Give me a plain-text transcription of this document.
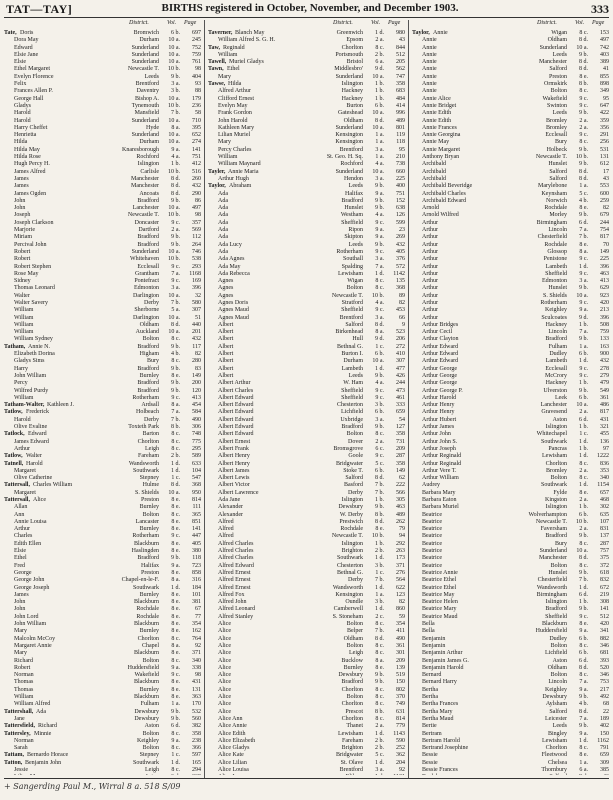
TAT—TAY]	BIRTHS registered in October, November, and December 1903.	333
District.	Vol. Page
Tate, Doris	Bromwich	6 b.	697
Dora May	Durham	10 a.	245
Edward	Sunderland	10 a.	752
Elsie Jane	Sunderland	10 a.	759
Elsie	Sunderland	10 a.	761
Ethel Margaret	Newcastle T.	10 b.	98
Evelyn Florence	Leeds	9 b.	404
Felix	Brentford	3 a.	93
Frances Allen P.	Daventry	3 b.	88
George Hall	Bishop A.	10 a.	179
Gladys	Tynemouth	10 b.	236
Harold	Mansfield	7 b.	58
Harold	Sunderland	10 a.	710
Harry Cheffet	Hyde	8 a.	395
Henrietta	Sunderland	10 a.	652
Hilda	Durham	10 a.	274
Hilda May	Knaresborough	9 a.	141
Hilda Rose	Rochford	4 a.	751
Hugh Percy H.	Islington	1 b.	412
James Alfred	Carlisle	10 b.	516
James	Manchester	8 d.	260
James	Manchester	8 d.	432
James Ogden	Ancoats	8 d.	290
John	Bradford	9 b.	86
John	Lanchester	10 a.	497
Joseph	Newcastle T.	10 b.	98
Joseph Clarkson	Doncaster	9 c.	357
Marjorie	Dartford	2 a.	569
Miriam	Bradford	9 b.	112
Percival John	Bradford	9 b.	264
Robert	Sunderland	10 a.	746
Robert	Whitehaven	10 b.	538
Robert Stephen	Ecclesall	9 c.	293
Rose May	Grantham	7 a.	1168
Sidney	Pontefract	9 c.	169
Thomas Leonard	Edmonton	3 a.	396
Walter	Darlington	10 a.	32
Walter Savery	Derby	7 b.	580
William	Sherborne	5 a.	307
William	Darlington	10 a.	51
William	Oldham	8 d.	440
William	Auckland	10 a.	201
William Sydney	Bolton	8 c.	432
Tatham, Annie N.	Bradford	9 b.	117
Elizabeth Dorina	Higham	4 b.	82
Gladys Sims	Bury	8 c.	280
Harry	Bradford	9 b.	83
John William	Burnley	8 e.	149
Percy	Bradford	9 b.	200
Wilfred Purdy	Bradford	9 b.	120
William	Rotherham	9 c.	413
Tatham-Walter, Kathleen J.	Ardsall	8 a.	454
Tatlow, Frederick	Holbeach	7 a.	584
Harold	Derby	7 b.	490
Olive Evaline	Toxteth Park	8 b.	306
Tatlock, Edward	Barton	8 c.	748
James Edward	Chorlton	8 c.	775
Arthur	Leigh	8 c.	295
Tatlow, Walter	Fareham	2 b.	589
Tatnell, Harold	Wandsworth	1 d.	633
Margaret	Southwark	1 d.	104
Olive Catherine	Stepney	1 c.	547
Tattersall, Charles William	Hulme	8 d.	368
Margaret	S. Shields	10 a.	950
Tattersall, Alice	Preston	8 e.	814
Allan	Burnley	8 e.	111
Ann	Bolton	8 c.	365
Annie Louisa	Lancaster	8 e.	851
Arthur	Burnley	8 e.	141
Charles	Rotherham	9 c.	447
Edith Ellen	Blackburn	8 e.	405
Elsie	Haslingden	8 e.	380
Ethel	Bradford	9 b.	118
Fred	Halifax	9 a.	723
George	Preston	8 e.	858
George John	Chapel-en-le-F.	8 a.	316
George Joseph	Southwark	1 d.	184
James	Burnley	8 e.	101
John	Blackburn	8 e.	381
John	Rochdale	8 e.	67
John Lord	Rochdale	8 e.	77
John William	Blackburn	8 e.	354
Mary	Burnley	8 e.	162
Malcolm McCoy	Chorlton	8 c.	764
Margaret Annie	Chapel	8 a.	92
Mary	Blackburn	8 e.	371
Richard	Bolton	8 c.	340
Robert	Huddersfield	9 a.	338
Norman	Wakefield	9 c.	98
Thomas	Blackburn	8 e.	431
Thomas	Burnley	8 e.	131
William	Blackburn	8 e.	363
William Alfred	Fulham	1 a.	170
Tattershall, Ada	Dewsbury	9 b.	532
Jane	Dewsbury	9 b.	560
Tattersfield, Richard	Aston	6 d.	382
Tattersley, Minnie	Bolton	8 c.	358
Norman	Keighley	9 a.	238
Sarah	Bolton	8 c.	366
Tattam, Bernardo Horace	Stepney	1 c.	597
Tatton, Benjamin John	Southwark	1 d.	165
Jessie	Leigh	8 c.	294
District.	Vol. Page
Taverner, Blanch May	Greenwich	1 d.	980
William Alfred S. G. H.	Epsom	2 a.	43
Taw, Reginald	Chorlton	8 c.	844
William	Portsmouth	2 b.	512
Tawell, Muriel Gladys	Bristol	6 a.	205
Tawn, Ethel	Middlesbro'	9 d.	562
Mary	Sunderland	10 a.	747
Tawse, Hilda	Islington	1 b.	358
Alfred Arthur	Hackney	1 b.	683
Clifford Ernest	Hackney	1 b.	484
Evelyn May	Burton	6 b.	414
Frank Gordon	Gateshead	10 a.	996
John Harold	Oldham	8 d.	489
Kathleen Mary	Sunderland	10 a.	801
Lilian Muriel	Kensington	1 a.	119
Mary	Kensington	1 a.	118
Percy Charles	Brentford	3 a.	95
William	St. Geo. H. Sq.	1 a.	210
William Maynard	Rochford	4 a.	738
Tayler, Annie Maria	Sunderland	10 a.	660
Arthur Hugh	Hendon	3 a.	225
Taylor, Abraham	Leeds	9 b.	400
Ada	Halifax	9 a.	751
Ada	Bradford	9 b.	152
Ada	Hunslet	9 b.	638
Ada	Westham	4 a.	126
Ada	Sheffield	9 c.	599
Ada	Ripon	9 a.	23
Ada	Skipton	9 a.	269
Ada Lucy	Leeds	9 b.	432
Ada	Rotherham	9 c.	405
Ada Agnes	Southall	3 a.	376
Ada May	Spalding	7 a.	572
Ada Rebecca	Lewisham	1 d.	1142
Agnes	Wigan	8 c.	135
Agnes	Bolton	8 c.	368
Agnes	Newcastle T.	10 b.	89
Agnes Doris	Stratford	4 a.	82
Agnes Maud	Sheffield	9 c.	453
Agnes Maud	Brentford	3 a.	66
Albert	Salford	8 d.	9
Albert	Birkenhead	8 a.	523
Albert	Hull	9 d.	206
Albert	Bethnal G.	1 c.	272
Albert	Burton I.	6 b.	410
Albert	Durham	10 a.	307
Albert	Lambeth	1 d.	477
Albert	Leeds	9 b.	426
Albert Arthur	W. Ham	4 a.	244
Albert Charles	Sheffield	9 c.	473
Albert Edward	Sheffield	9 c.	461
Albert Edward	Chesterton	3 b.	333
Albert Edward	Lichfield	6 b.	659
Albert Edward	Uxbridge	3 a.	54
Albert Edward	Bradford	9 b.	127
Albert Edward	Bolton	8 c.	358
Albert Ernest	Dover	2 a.	731
Albert Frank	Bromsgrove	6 c.	209
Albert Henry	Goole	9 c.	287
Albert Henry	Bridgwater	5 c.	358
Albert James	Stoke T.	6 b.	149
Albert Lewis	Salford	8 d.	62
Albert Victor	Basford	7 b.	222
Albert Lawrence	Derby	7 b.	566
Ada Jane	Islington	1 b.	305
Alexander	Dewsbury	9 b.	463
Alexander	W. Derby	8 b.	489
Alfred	Prestwich	8 d.	262
Alfred	Rochdale	8 e.	79
Alfred	Newcastle T.	10 b.	94
Alfred Charles	Islington	1 b.	292
Alfred Charles	Brighton	2 b.	263
Alfred Charles	Southwark	1 d.	173
Alfred Edward	Chesterton	3 b.	371
Alfred Ernest	Bethnal G.	1 c.	276
Alfred Ernest	Derby	7 b.	564
Alfred Ernest	Wandsworth	1 d.	622
Alfred Fox	Kensington	1 a.	123
Alfred John	Oundle	3 b.	82
Alfred Leonard	Camberwell	1 d.	860
Alfred Stanley	S. Stoneham	2 c.	59
Alice	Bolton	8 c.	354
Alice	Belper	7 b.	411
Alice	Oldham	8 d.	490
Alice	Bolton	8 c.	361
Alice	Leigh	8 c.	301
Alice	Bucklow	8 a.	209
Alice	Burnley	8 e.	139
Alice	Dewsbury	9 b.	519
Alice	Bradford	9 b.	150
Alice	Chorlton	8 c.	802
Alice	Bolton	8 c.	370
Alice	Chorlton	8 c.	749
Alice	Prescot	8 b.	631
Alice Ann	Chorlton	8 c.	814
Alice Annie	Thanet	2 a.	779
Alice Edith	Lewisham	1 d.	1143
Alice Elizabeth	Fareham	2 b.	590
Alice Gladys	Brighton	2 b.	252
Alice Kate	Bridgwater	5 c.	362
Alice Lilian	St. Olave	1 d.	204
Alice Louisa	Brentford	3 a.	92
District.	Vol. Page
Taylor, Annie	Wigan	8 c.	153
Annie	Oldham	8 d.	497
Annie	Sunderland	10 a.	742
Annie	Leeds	9 b.	403
Annie	Manchester	8 d.	389
Annie	Salford	8 d.	41
Annie	Preston	8 e.	855
Annie	Ormskirk	8 b.	898
Annie	Bolton	8 c.	349
Annie Alice	Wakefield	9 c.	95
Annie Bridget	Swinton	9 c.	647
Annie Edith	Leeds	9 b.	422
Annie Edith	Bromley	2 a.	359
Annie Frances	Bromley	2 a.	356
Annie Georgina	Ecclesall	9 c.	291
Annie May	Bury	8 c.	256
Annie Margaret	Holbeck	9 b.	531
Anthony Bryan	Newcastle T.	10 b.	131
Archibald	Hunslet	9 b.	612
Archibald	Salford	8 d.	17
Archibald	Salford	8 d.	43
Archibald Beveridge	Marylebone	1 a.	553
Archibald Charles	Keynsham	5 c.	600
Archibald Edward	Norwich	4 b.	259
Arnold	Rochdale	8 e.	82
Arnold Wilfred	Morley	9 b.	679
Arthur	Birmingham	6 d.	244
Arthur	Lincoln	7 a.	754
Arthur	Chesterfield	7 b.	817
Arthur	Rochdale	8 e.	70
Arthur	Glossop	8 a.	149
Arthur	Penistone	9 c.	225
Arthur	Lambeth	1 d.	396
Arthur	Sheffield	9 c.	463
Arthur	Edmonton	3 a.	413
Arthur	Hunslet	9 b.	629
Arthur	S. Shields	10 a.	923
Arthur	Rotherham	9 c.	420
Arthur	Keighley	9 a.	213
Arthur	Sculcoates	9 d.	396
Arthur Bridges	Hackney	1 b.	508
Arthur Cecil	Lincoln	7 a.	759
Arthur Clayton	Bradford	9 b.	133
Arthur Edward	Fulham	1 a.	163
Arthur Edward	Dudley	6 b.	900
Arthur Edward	Lambeth	1 d.	432
Arthur George	Ecclesall	9 c.	278
Arthur George	McCrory	9 c.	279
Arthur George	Hackney	1 b.	479
Arthur George P.	Ulverston	9 b.	549
Arthur Harold	Leek	6 b.	361
Arthur Henry	Lanchester	10 a.	486
Arthur Henry	Gravesend	2 a.	817
Arthur Hubert	Aston	6 d.	431
Arthur James	Islington	1 b.	321
Arthur John	Whitechapel	1 c.	455
Arthur John S.	Southwark	1 d.	136
Arthur Joseph	Pancras	1 b.	97
Arthur Reginald	Lewisham	1 d.	1222
Arthur Reginald	Chorlton	8 c.	836
Arthur Vere T.	Bromley	2 a.	353
Arthur William	Bolton	8 c.	340
Audrey	Southwark	1 d.	1154
Barbara Mary	Fylde	8 e.	657
Barbara Eaton	Kingston	2 a.	468
Barbara Muriel	Islington	1 b.	302
Beatrice	Wolverhampton	6 b.	635
Beatrice	Newcastle T.	10 b.	107
Beatrice	Faversham	2 a.	831
Beatrice	Bradford	9 b.	137
Beatrice	Bury	8 c.	287
Beatrice	Sunderland	10 a.	757
Beatrice	Manchester	8 d.	375
Beatrice	Bolton	8 c.	372
Beatrice Annie	Hunslet	9 b.	618
Beatrice Ethel	Chesterfield	7 b.	832
Beatrice Ethel	Wandsworth	1 d.	672
Beatrice May	Birmingham	6 d.	219
Beatrice Helen	Islington	1 b.	308
Beatrice Mary	Bradford	9 b.	141
Beatrice Maud	Sheffield	9 c.	512
Bella	Blackburn	8 e.	420
Bella	Huddersfield	9 a.	341
Benjamin	Dudley	6 b.	882
Benjamin	Bolton	8 c.	346
Benjamin Arthur	Lichfield	6 b.	681
Benjamin James G.	Aston	6 d.	393
Benjamin Harold	Oldham	8 d.	520
Bernard	Bolton	8 c.	346
Bernard Harry	Lincoln	7 a.	753
Bertha	Keighley	9 a.	217
Bertha	Dewsbury	9 b.	492
Bertha Frances	Aylsham	4 b.	68
Bertha Mary	Salford	8 d.	22
Bertha Maud	Leicester	7 a.	189
Bertie	Leeds	9 b.	402
Bertram	Bingley	9 a.	150
Bertram Harold	Lewisham	1 d.	1162
Bertrand Josephine	Chorlton	8 c.	791
Bessie	Fleetwood	8 e.	659
Bessie	Chelsea	1 a.	309
Bessie Frances	Thornbury	6 a.	385
+ Sangerding Paul M., Wirral 8 a. 518 S/09
